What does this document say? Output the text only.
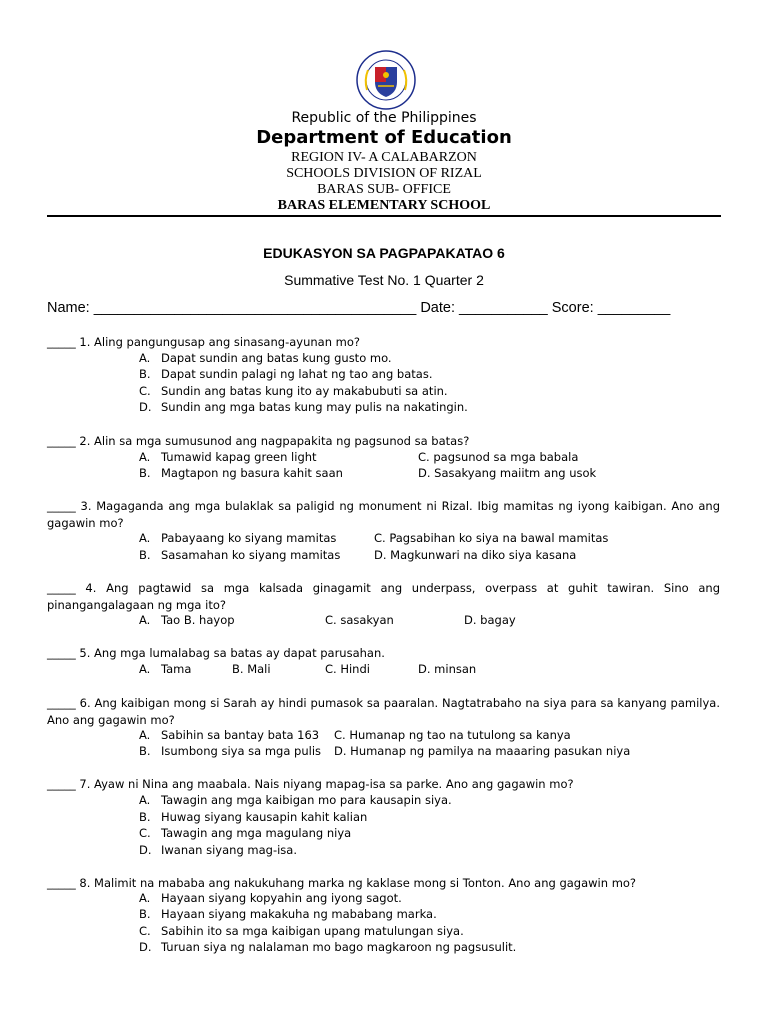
Republic of the Philippines
Department of Education
REGION IV- A CALABARZON
SCHOOLS DIVISION OF RIZAL
BARAS SUB- OFFICE
BARAS ELEMENTARY SCHOOL
EDUKASYON SA PAGPAPAKATAO 6
Summative Test No. 1 Quarter 2
Name: ________________________________________ Date: ___________ Score: _________
_____ 1. Aling pangungusap ang sinasang-ayunan mo?
A. Dapat sundin ang batas kung gusto mo.
B. Dapat sundin palagi ng lahat ng tao ang batas.
C. Sundin ang batas kung ito ay makabubuti sa atin.
D. Sundin ang mga batas kung may pulis na nakatingin.
_____ 2. Alin sa mga sumusunod ang nagpapakita ng pagsunod sa batas?
A. Tumawid kapag green light	C. pagsunod sa mga babala
B. Magtapon ng basura kahit saan	D. Sasakyang maiitm ang usok
_____ 3. Magaganda ang mga bulaklak sa paligid ng monument ni Rizal. Ibig mamitas ng iyong kaibigan. Ano ang gagawin mo?
A. Pabayaang ko siyang mamitas	C. Pagsabihan ko siya na bawal mamitas
B. Sasamahan ko siyang mamitas	D. Magkunwari na diko siya kasana
_____ 4. Ang pagtawid sa mga kalsada ginagamit ang underpass, overpass at guhit tawiran. Sino ang pinangangalagaan ng mga ito?
A. Tao B. hayop	C. sasakyan	D. bagay
_____ 5. Ang mga lumalabag sa batas ay dapat parusahan.
A. Tama	B. Mali	C. Hindi	D. minsan
_____ 6. Ang kaibigan mong si Sarah ay hindi pumasok sa paaralan. Nagtatrabaho na siya para sa kanyang pamilya. Ano ang gagawin mo?
A. Sabihin sa bantay bata 163 C. Humanap ng tao na tutulong sa kanya
B. Isumbong siya sa mga pulis D. Humanap ng pamilya na maaaring pasukan niya
_____ 7. Ayaw ni Nina ang maabala. Nais niyang mapag-isa sa parke. Ano ang gagawin mo?
A. Tawagin ang mga kaibigan mo para kausapin siya.
B. Huwag siyang kausapin kahit kalian
C. Tawagin ang mga magulang niya
D. Iwanan siyang mag-isa.
_____ 8. Malimit na mababa ang nakukuhang marka ng kaklase mong si Tonton. Ano ang gagawin mo?
A. Hayaan siyang kopyahin ang iyong sagot.
B. Hayaan siyang makakuha ng mababang marka.
C. Sabihin ito sa mga kaibigan upang matulungan siya.
D. Turuan siya ng nalalaman mo bago magkaroon ng pagsusulit.
